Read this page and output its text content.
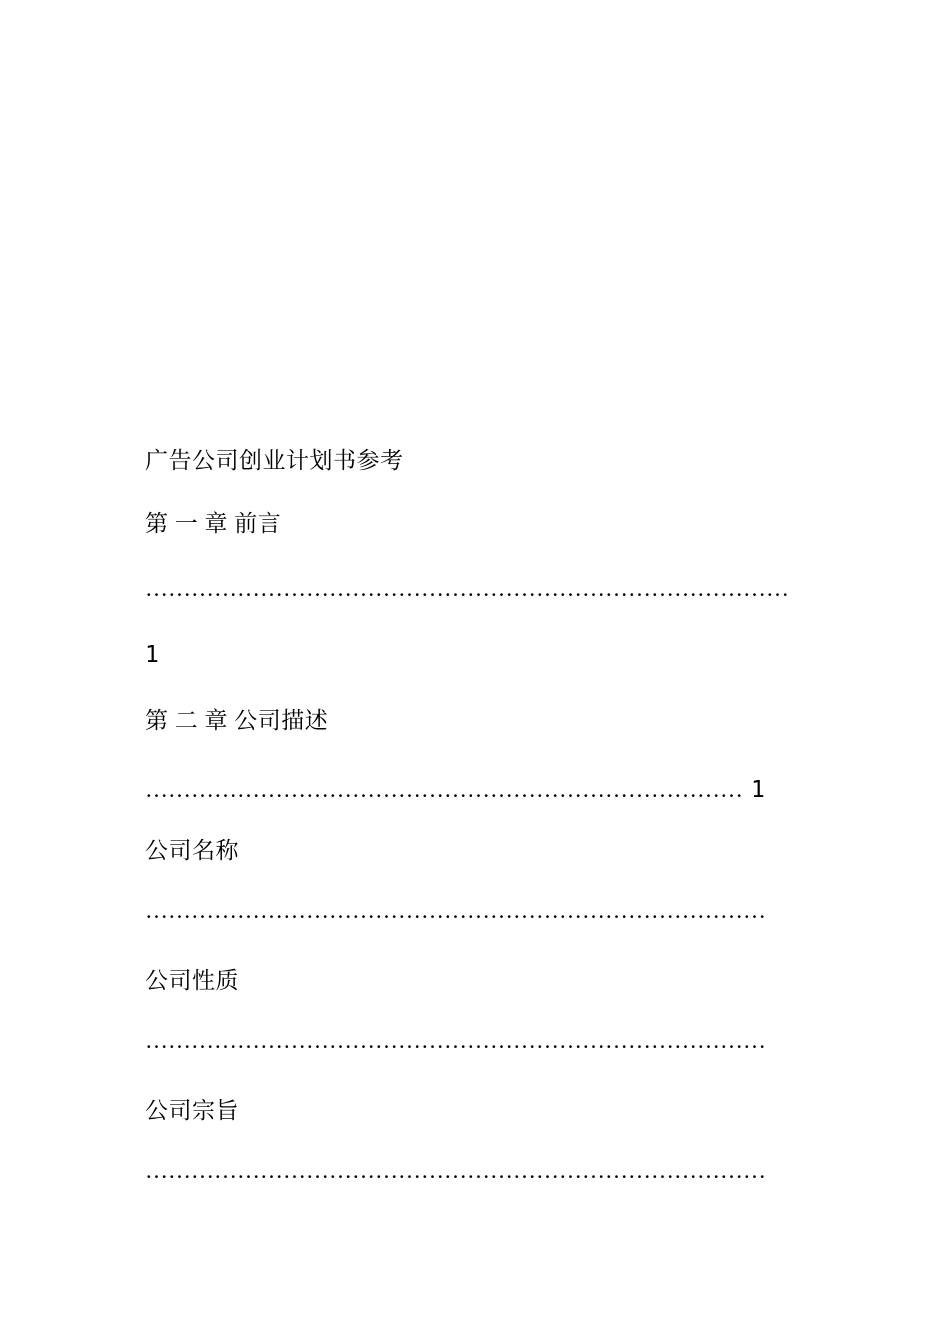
广告公司创业计划书参考
第 一 章 前言
…………………………………………………………………………
1
第 二 章 公司描述
…………………………………………………………………… 1
公司名称
………………………………………………………………………
公司性质
………………………………………………………………………
公司宗旨
………………………………………………………………………
